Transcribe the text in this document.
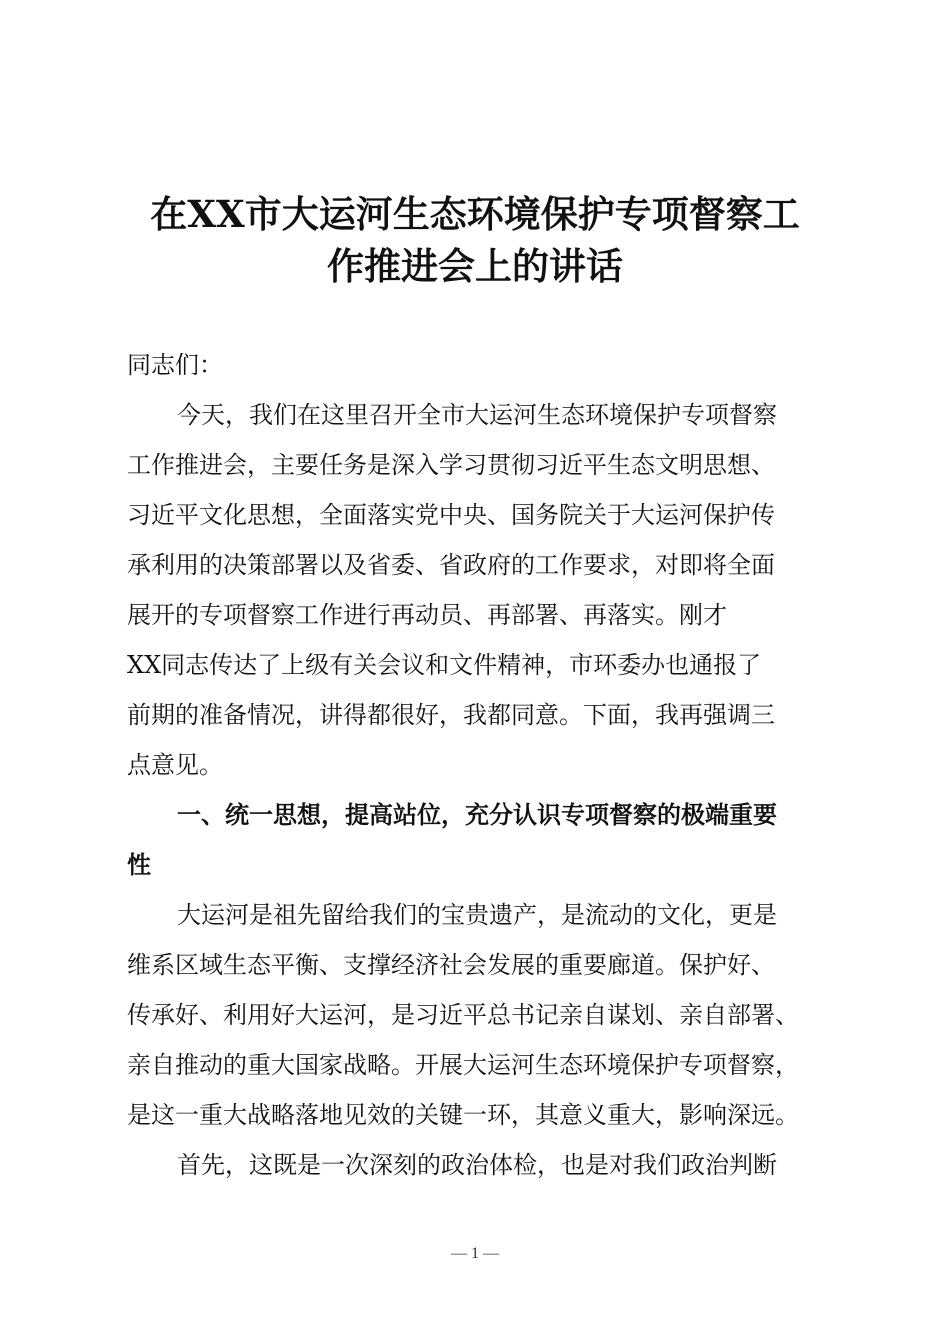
在XX市大运河生态环境保护专项督察工
作推进会上的讲话
同志们：
今天，我们在这里召开全市大运河生态环境保护专项督察
工作推进会，主要任务是深入学习贯彻习近平生态文明思想、
习近平文化思想，全面落实党中央、国务院关于大运河保护传
承利用的决策部署以及省委、省政府的工作要求，对即将全面
展开的专项督察工作进行再动员、再部署、再落实。刚才
XX同志传达了上级有关会议和文件精神，市环委办也通报了
前期的准备情况，讲得都很好，我都同意。下面，我再强调三
点意见。
一、统一思想，提高站位，充分认识专项督察的极端重要
性
大运河是祖先留给我们的宝贵遗产，是流动的文化，更是
维系区域生态平衡、支撑经济社会发展的重要廊道。保护好、
传承好、利用好大运河，是习近平总书记亲自谋划、亲自部署、
亲自推动的重大国家战略。开展大运河生态环境保护专项督察，
是这一重大战略落地见效的关键一环，其意义重大，影响深远。
首先，这既是一次深刻的政治体检，也是对我们政治判断
— 1 —
